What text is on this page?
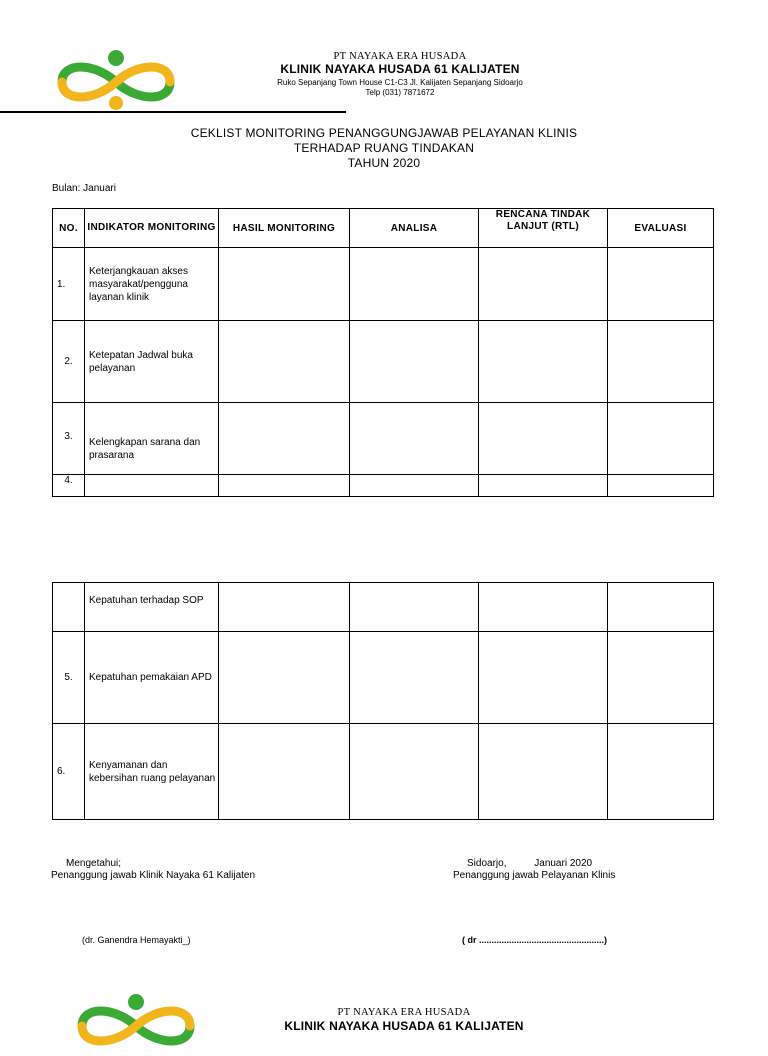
PT NAYAKA ERA HUSADA
KLINIK NAYAKA HUSADA 61 KALIJATEN
Ruko Sepanjang Town House C1-C3 Jl. Kalijaten Sepanjang Sidoarjo
Telp (031) 7871672
CEKLIST MONITORING PENANGGUNGJAWAB PELAYANAN KLINIS
TERHADAP RUANG TINDAKAN
TAHUN 2020
Bulan: Januari
NO.	INDIKATOR MONITORING	HASIL MONITORING	ANALISA	RENCANA TINDAK LANJUT (RTL)	EVALUASI
1.	Keterjangkauan akses masyarakat/pengguna layanan klinik				
2.	Ketepatan Jadwal buka pelayanan				
3.	Kelengkapan sarana dan prasarana				
4.					
	Kepatuhan terhadap SOP				
5.	Kepatuhan pemakaian APD				
6.	Kenyamanan dan kebersihan ruang pelayanan				
Mengetahui;
Penanggung jawab Klinik Nayaka 61 Kalijaten
(dr. Ganendra Hemayakti_)
Sidoarjo,          Januari 2020
Penanggung jawab Pelayanan Klinis
( dr ..................................................)
PT NAYAKA ERA HUSADA
KLINIK NAYAKA HUSADA 61 KALIJATEN
